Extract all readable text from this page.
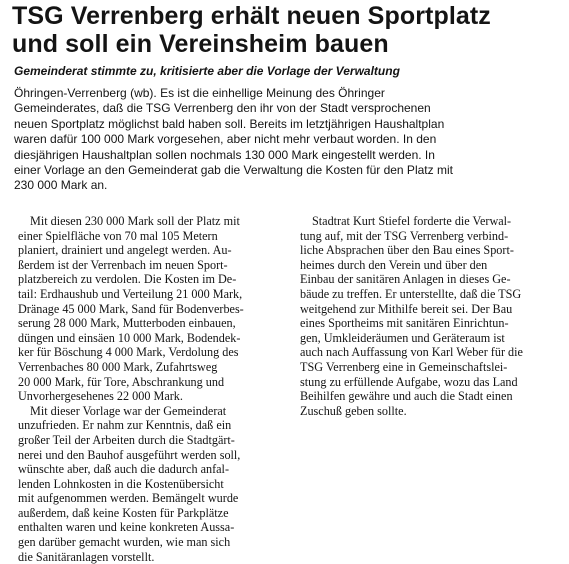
TSG Verrenberg erhält neuen Sportplatz
und soll ein Vereinsheim bauen

Gemeinderat stimmte zu, kritisierte aber die Vorlage der Verwaltung

Öhringen-Verrenberg (wb). Es ist die einhellige Meinung des Öhringer
Gemeinderates, daß die TSG Verrenberg den ihr von der Stadt versprochenen
neuen Sportplatz möglichst bald haben soll. Bereits im letztjährigen Haushaltplan
waren dafür 100 000 Mark vorgesehen, aber nicht mehr verbaut worden. In den
diesjährigen Haushaltplan sollen nochmals 130 000 Mark eingestellt werden. In
einer Vorlage an den Gemeinderat gab die Verwaltung die Kosten für den Platz mit
230 000 Mark an.
Mit diesen 230 000 Mark soll der Platz mit
einer Spielfläche von 70 mal 105 Metern
planiert, drainiert und angelegt werden. Au-
ßerdem ist der Verrenbach im neuen Sport-
platzbereich zu verdolen. Die Kosten im De-
tail: Erdhaushub und Verteilung 21 000 Mark,
Dränage 45 000 Mark, Sand für Bodenverbes-
serung 28 000 Mark, Mutterboden einbauen,
düngen und einsäen 10 000 Mark, Bodendek-
ker für Böschung 4 000 Mark, Verdolung des
Verrenbaches 80 000 Mark, Zufahrtsweg
20 000 Mark, für Tore, Abschrankung und
Unvorhergesehenes 22 000 Mark.
Mit dieser Vorlage war der Gemeinderat
unzufrieden. Er nahm zur Kenntnis, daß ein
großer Teil der Arbeiten durch die Stadtgärt-
nerei und den Bauhof ausgeführt werden soll,
wünschte aber, daß auch die dadurch anfal-
lenden Lohnkosten in die Kostenübersicht
mit aufgenommen werden. Bemängelt wurde
außerdem, daß keine Kosten für Parkplätze
enthalten waren und keine konkreten Aussa-
gen darüber gemacht wurden, wie man sich
die Sanitäranlagen vorstellt.
Stadtrat Kurt Stiefel forderte die Verwal-
tung auf, mit der TSG Verrenberg verbind-
liche Absprachen über den Bau eines Sport-
heimes durch den Verein und über den
Einbau der sanitären Anlagen in dieses Ge-
bäude zu treffen. Er unterstellte, daß die TSG
weitgehend zur Mithilfe bereit sei. Der Bau
eines Sportheims mit sanitären Einrichtun-
gen, Umkleideräumen und Geräteraum ist
auch nach Auffassung von Karl Weber für die
TSG Verrenberg eine in Gemeinschaftslei-
stung zu erfüllende Aufgabe, wozu das Land
Beihilfen gewähre und auch die Stadt einen
Zuschuß geben sollte.
